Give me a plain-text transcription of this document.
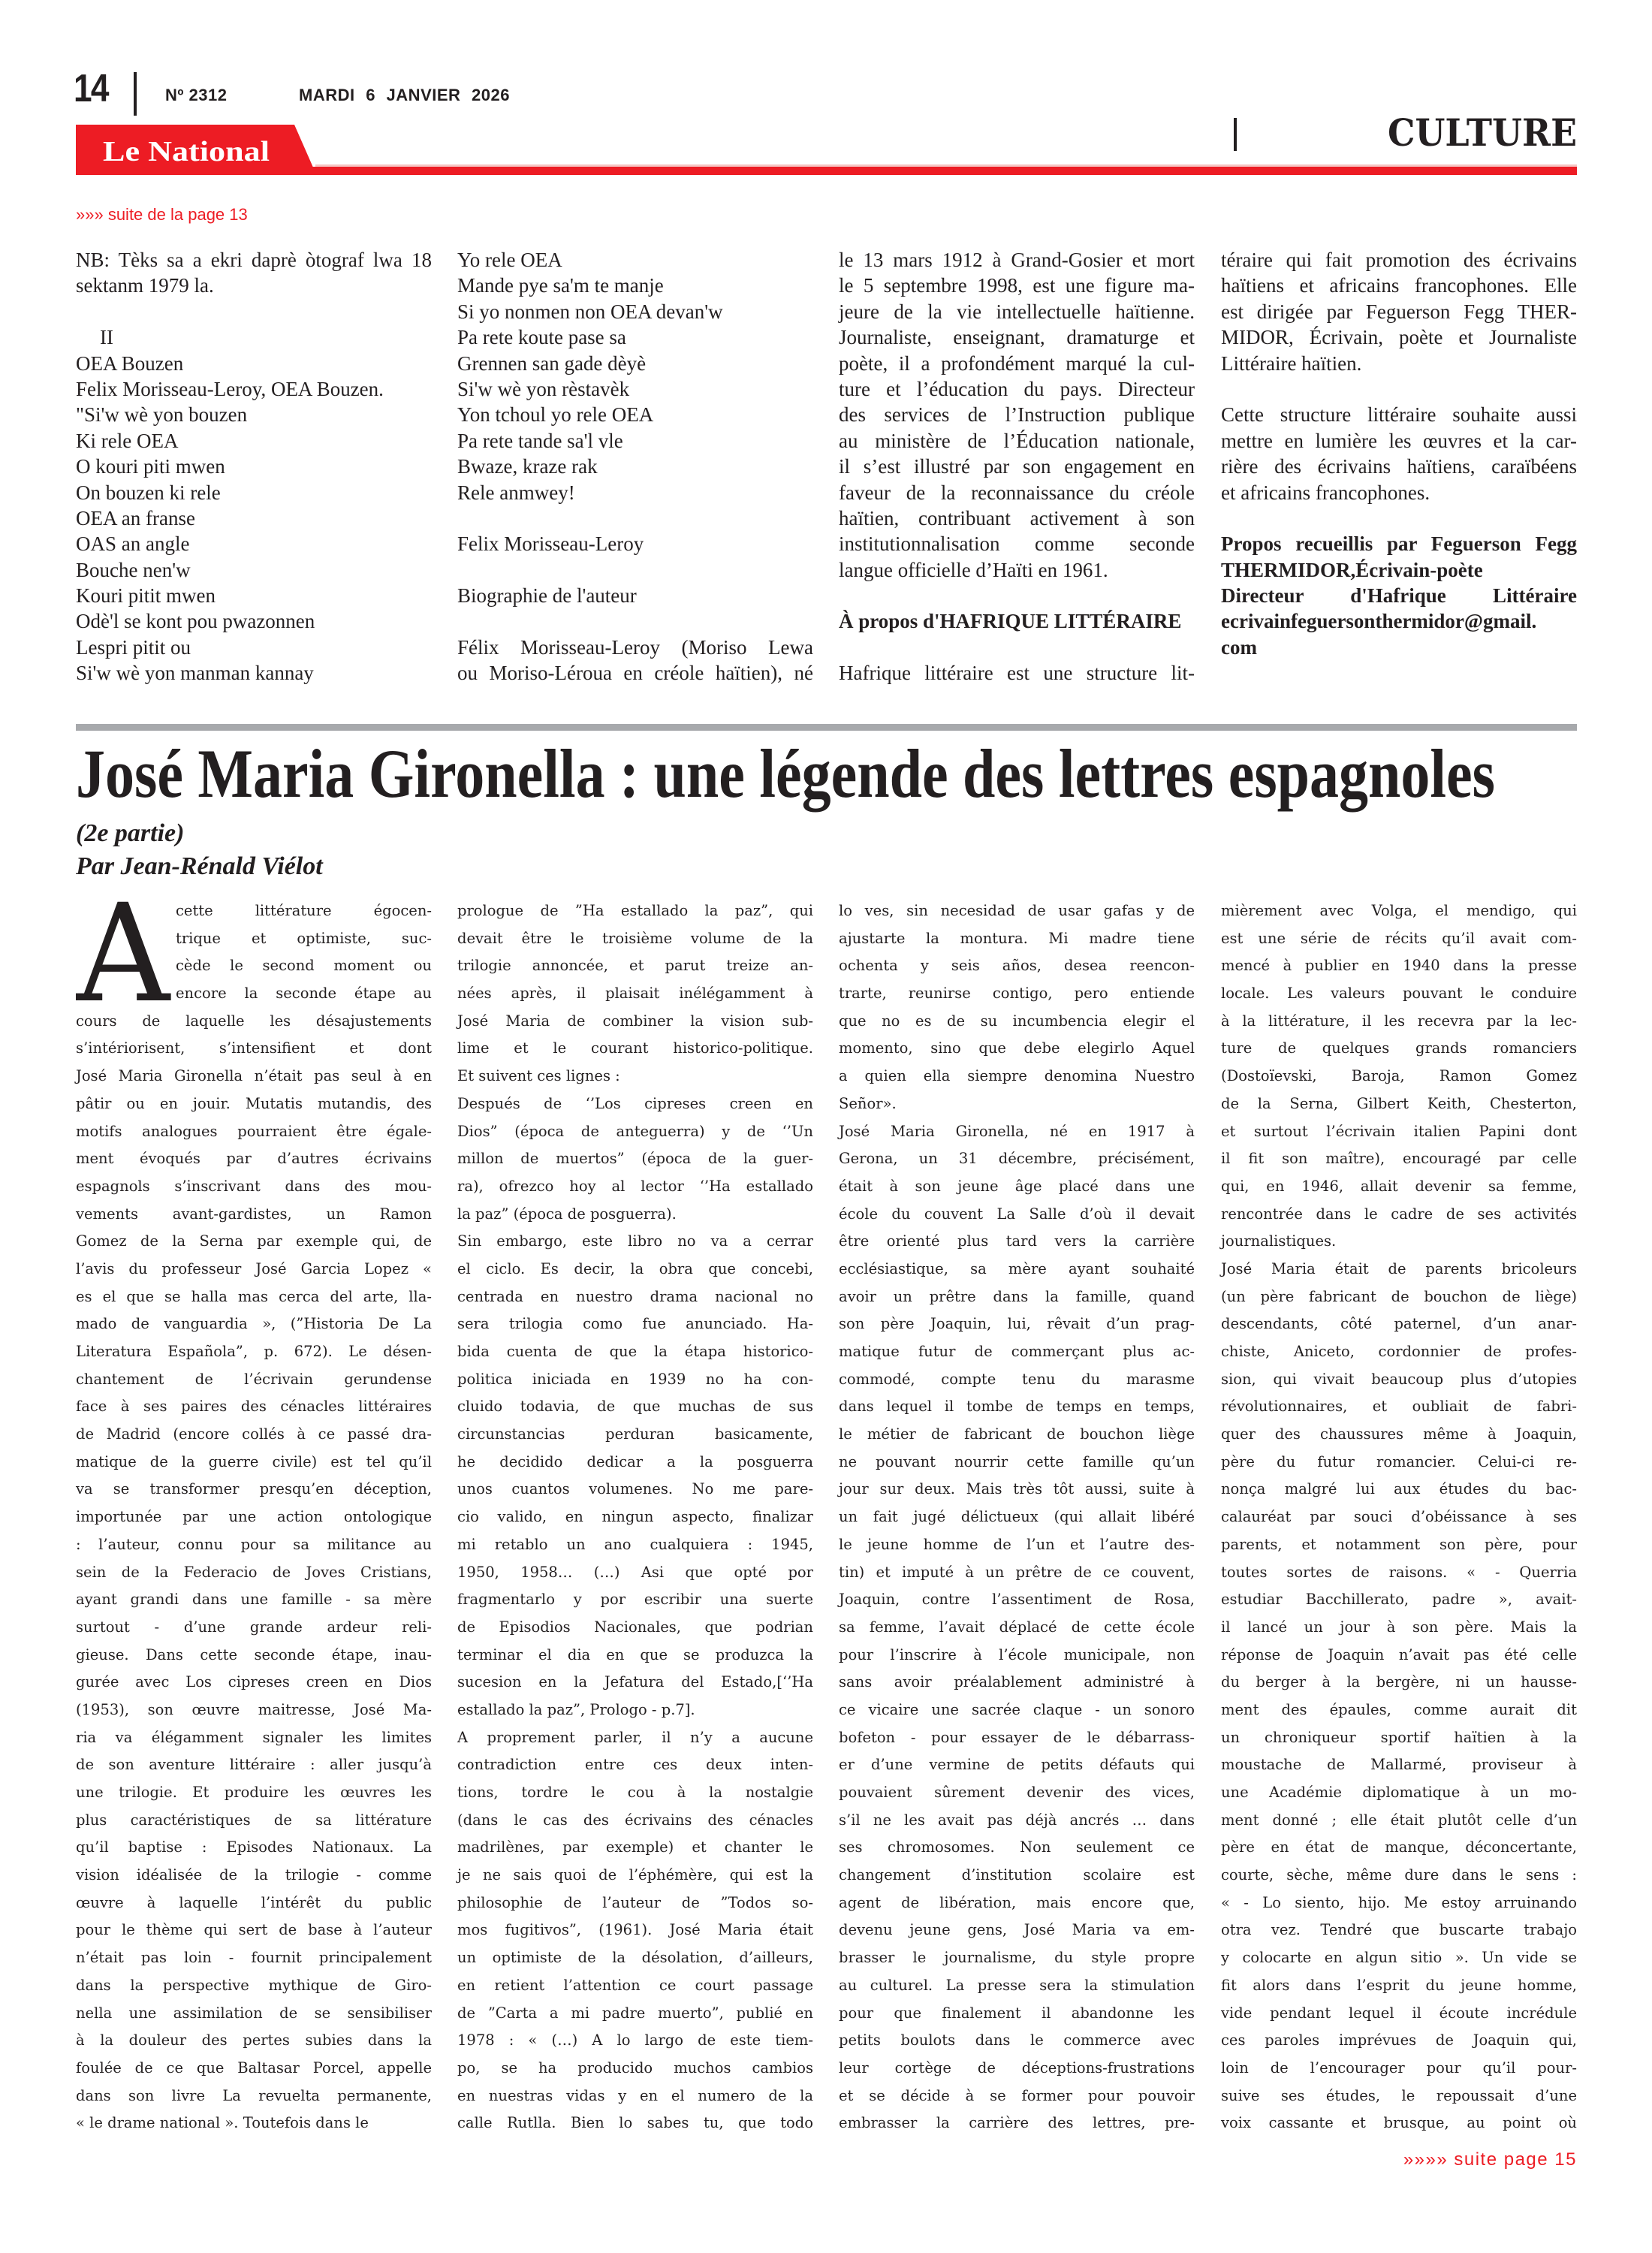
14	Nº 2312	MARDI 6 JANVIER 2026
Le National	CULTURE
»»» suite de la page 13
NB: Tèks sa a ekri daprè òtograf lwa 18
sektanm 1979 la.
II
OEA Bouzen
Felix Morisseau-Leroy, OEA Bouzen.
"Si'w wè yon bouzen
Ki rele OEA
O kouri piti mwen
On bouzen ki rele
OEA an franse
OAS an angle
Bouche nen'w
Kouri pitit mwen
Odè'l se kont pou pwazonnen
Lespri pitit ou
Si'w wè yon manman kannay
Yo rele OEA
Mande pye sa'm te manje
Si yo nonmen non OEA devan'w
Pa rete koute pase sa
Grennen san gade dèyè
Si'w wè yon rèstavèk
Yon tchoul yo rele OEA
Pa rete tande sa'l vle
Bwaze, kraze rak
Rele anmwey!
Felix Morisseau-Leroy
Biographie de l'auteur
Félix Morisseau-Leroy (Moriso Lewa
ou Moriso-Léroua en créole haïtien), né
le 13 mars 1912 à Grand-Gosier et mort
le 5 septembre 1998, est une figure ma-
jeure de la vie intellectuelle haïtienne.
Journaliste, enseignant, dramaturge et
poète, il a profondément marqué la cul-
ture et l’éducation du pays. Directeur
des services de l’Instruction publique
au ministère de l’Éducation nationale,
il s’est illustré par son engagement en
faveur de la reconnaissance du créole
haïtien, contribuant activement à son
institutionnalisation comme seconde
langue officielle d’Haïti en 1961.
À propos d'HAFRIQUE LITTÉRAIRE
Hafrique littéraire est une structure lit-
téraire qui fait promotion des écrivains
haïtiens et africains francophones. Elle
est dirigée par Feguerson Fegg THER-
MIDOR, Écrivain, poète et Journaliste
Littéraire haïtien.
Cette structure littéraire souhaite aussi
mettre en lumière les œuvres et la car-
rière des écrivains haïtiens, caraïbéens
et africains francophones.
Propos recueillis par Feguerson Fegg
THERMIDOR,Écrivain-poète
Directeur d'Hafrique Littéraire
ecrivainfeguersonthermidor@gmail.
com
José Maria Gironella : une légende des lettres espagnoles
(2e partie)
Par Jean-Rénald Viélot
A cette littérature égocen-
trique et optimiste, suc-
cède le second moment ou
encore la seconde étape au
cours de laquelle les désajustements
s’intériorisent, s’intensifient et dont
José Maria Gironella n’était pas seul à en
pâtir ou en jouir. Mutatis mutandis, des
motifs analogues pourraient être égale-
ment évoqués par d’autres écrivains
espagnols s’inscrivant dans des mou-
vements avant-gardistes, un Ramon
Gomez de la Serna par exemple qui, de
l’avis du professeur José Garcia Lopez «
es el que se halla mas cerca del arte, lla-
mado de vanguardia », (”Historia De La
Literatura Española”, p. 672). Le désen-
chantement de l’écrivain gerundense
face à ses paires des cénacles littéraires
de Madrid (encore collés à ce passé dra-
matique de la guerre civile) est tel qu’il
va se transformer presqu’en déception,
importunée par une action ontologique
: l’auteur, connu pour sa militance au
sein de la Federacio de Joves Cristians,
ayant grandi dans une famille - sa mère
surtout - d’une grande ardeur reli-
gieuse. Dans cette seconde étape, inau-
gurée avec Los cipreses creen en Dios
(1953), son œuvre maitresse, José Ma-
ria va élégamment signaler les limites
de son aventure littéraire : aller jusqu’à
une trilogie. Et produire les œuvres les
plus caractéristiques de sa littérature
qu’il baptise : Episodes Nationaux. La
vision idéalisée de la trilogie - comme
œuvre à laquelle l’intérêt du public
pour le thème qui sert de base à l’auteur
n’était pas loin - fournit principalement
dans la perspective mythique de Giro-
nella une assimilation de se sensibiliser
à la douleur des pertes subies dans la
foulée de ce que Baltasar Porcel, appelle
dans son livre La revuelta permanente,
« le drame national ». Toutefois dans le
prologue de ”Ha estallado la paz”, qui
devait être le troisième volume de la
trilogie annoncée, et parut treize an-
nées après, il plaisait inélégamment à
José Maria de combiner la vision sub-
lime et le courant historico-politique.
Et suivent ces lignes :
Después de ‘’Los cipreses creen en
Dios” (época de anteguerra) y de ‘’Un
millon de muertos” (época de la guer-
ra), ofrezco hoy al lector ‘’Ha estallado
la paz” (época de posguerra).
Sin embargo, este libro no va a cerrar
el ciclo. Es decir, la obra que concebi,
centrada en nuestro drama nacional no
sera trilogia como fue anunciado. Ha-
bida cuenta de que la étapa historico-
politica iniciada en 1939 no ha con-
cluido todavia, de que muchas de sus
circunstancias perduran basicamente,
he decidido dedicar a la posguerra
unos cuantos volumenes. No me pare-
cio valido, en ningun aspecto, finalizar
mi retablo un ano cualquiera : 1945,
1950, 1958… (…) Asi que opté por
fragmentarlo y por escribir una suerte
de Episodios Nacionales, que podrian
terminar el dia en que se produzca la
sucesion en la Jefatura del Estado,[‘’Ha
estallado la paz”, Prologo - p.7].
A proprement parler, il n’y a aucune
contradiction entre ces deux inten-
tions, tordre le cou à la nostalgie
(dans le cas des écrivains des cénacles
madrilènes, par exemple) et chanter le
je ne sais quoi de l’éphémère, qui est la
philosophie de l’auteur de ”Todos so-
mos fugitivos”, (1961). José Maria était
un optimiste de la désolation, d’ailleurs,
en retient l’attention ce court passage
de ”Carta a mi padre muerto”, publié en
1978 : « (…) A lo largo de este tiem-
po, se ha producido muchos cambios
en nuestras vidas y en el numero de la
calle Rutlla. Bien lo sabes tu, que todo
lo ves, sin necesidad de usar gafas y de
ajustarte la montura. Mi madre tiene
ochenta y seis años, desea reencon-
trarte, reunirse contigo, pero entiende
que no es de su incumbencia elegir el
momento, sino que debe elegirlo Aquel
a quien ella siempre denomina Nuestro
Señor».
José Maria Gironella, né en 1917 à
Gerona, un 31 décembre, précisément,
était à son jeune âge placé dans une
école du couvent La Salle d’où il devait
être orienté plus tard vers la carrière
ecclésiastique, sa mère ayant souhaité
avoir un prêtre dans la famille, quand
son père Joaquin, lui, rêvait d’un prag-
matique futur de commerçant plus ac-
commodé, compte tenu du marasme
dans lequel il tombe de temps en temps,
le métier de fabricant de bouchon liège
ne pouvant nourrir cette famille qu’un
jour sur deux. Mais très tôt aussi, suite à
un fait jugé délictueux (qui allait libéré
le jeune homme de l’un et l’autre des-
tin) et imputé à un prêtre de ce couvent,
Joaquin, contre l’assentiment de Rosa,
sa femme, l’avait déplacé de cette école
pour l’inscrire à l’école municipale, non
sans avoir préalablement administré à
ce vicaire une sacrée claque - un sonoro
bofeton - pour essayer de le débarrass-
er d’une vermine de petits défauts qui
pouvaient sûrement devenir des vices,
s’il ne les avait pas déjà ancrés … dans
ses chromosomes. Non seulement ce
changement d’institution scolaire est
agent de libération, mais encore que,
devenu jeune gens, José Maria va em-
brasser le journalisme, du style propre
au culturel. La presse sera la stimulation
pour que finalement il abandonne les
petits boulots dans le commerce avec
leur cortège de déceptions-frustrations
et se décide à se former pour pouvoir
embrasser la carrière des lettres, pre-
mièrement avec Volga, el mendigo, qui
est une série de récits qu’il avait com-
mencé à publier en 1940 dans la presse
locale. Les valeurs pouvant le conduire
à la littérature, il les recevra par la lec-
ture de quelques grands romanciers
(Dostoïevski, Baroja, Ramon Gomez
de la Serna, Gilbert Keith, Chesterton,
et surtout l’écrivain italien Papini dont
il fit son maître), encouragé par celle
qui, en 1946, allait devenir sa femme,
rencontrée dans le cadre de ses activités
journalistiques.
José Maria était de parents bricoleurs
(un père fabricant de bouchon de liège)
descendants, côté paternel, d’un anar-
chiste, Aniceto, cordonnier de profes-
sion, qui vivait beaucoup plus d’utopies
révolutionnaires, et oubliait de fabri-
quer des chaussures même à Joaquin,
père du futur romancier. Celui-ci re-
nonça malgré lui aux études du bac-
calauréat par souci d’obéissance à ses
parents, et notamment son père, pour
toutes sortes de raisons. « - Querria
estudiar Bacchillerato, padre », avait-
il lancé un jour à son père. Mais la
réponse de Joaquin n’avait pas été celle
du berger à la bergère, ni un hausse-
ment des épaules, comme aurait dit
un chroniqueur sportif haïtien à la
moustache de Mallarmé, proviseur à
une Académie diplomatique à un mo-
ment donné ; elle était plutôt celle d’un
père en état de manque, déconcertante,
courte, sèche, même dure dans le sens :
« - Lo siento, hijo. Me estoy arruinando
otra vez. Tendré que buscarte trabajo
y colocarte en algun sitio ». Un vide se
fit alors dans l’esprit du jeune homme,
vide pendant lequel il écoute incrédule
ces paroles imprévues de Joaquin qui,
loin de l’encourager pour qu’il pour-
suive ses études, le repoussait d’une
voix cassante et brusque, au point où
»»»» suite page 15
